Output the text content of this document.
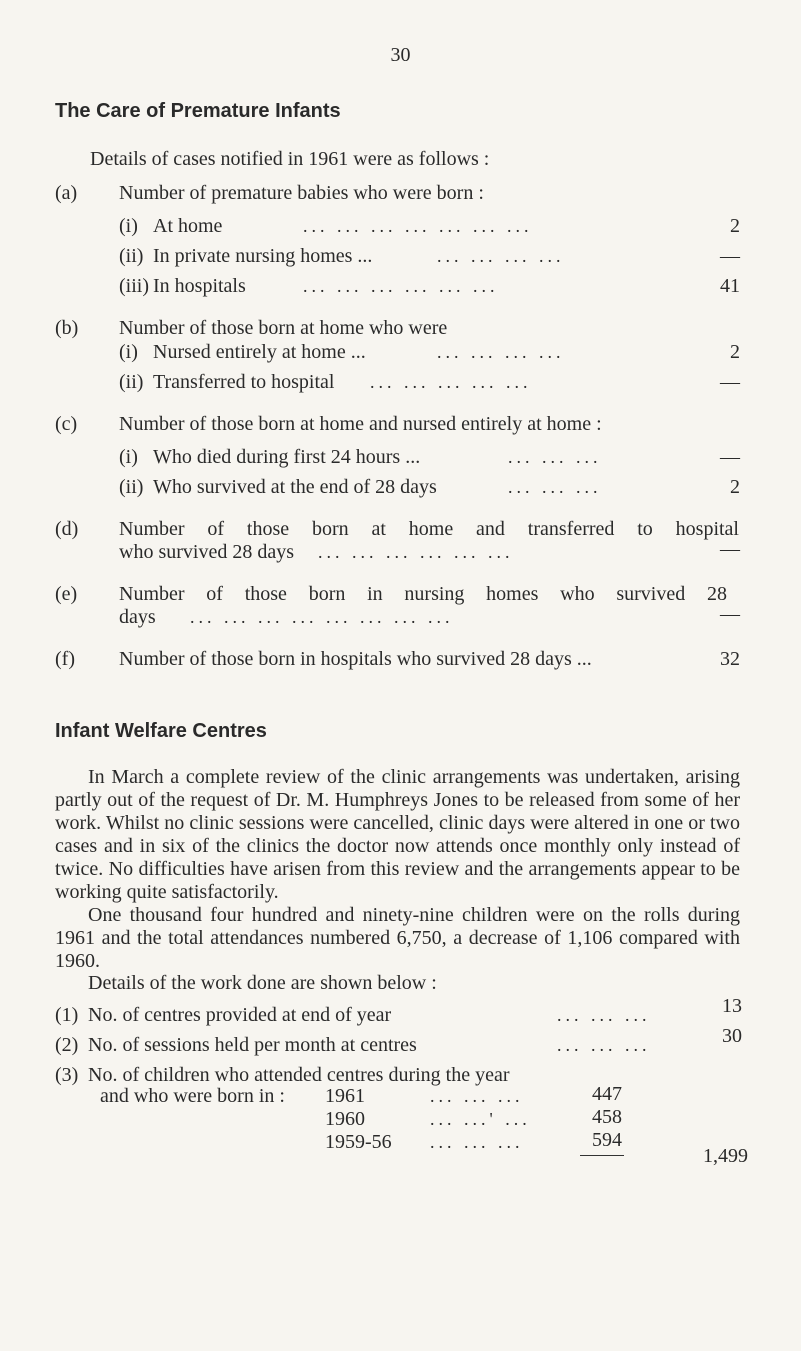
30
The Care of Premature Infants
Details of cases notified in 1961 were as follows :
(a) Number of premature babies who were born :
(i) At home	... ... ... ... ... ... ...	2
(ii) In private nursing homes ...	... ... ... ...	—
(iii) In hospitals	... ... ... ... ... ...	41
(b) Number of those born at home who were
(i) Nursed entirely at home ...	... ... ... ...	2
(ii) Transferred to hospital ... ... ... ... ...	—
(c) Number of those born at home and nursed entirely at home :
(i) Who died during first 24 hours ...	... ... ...	—
(ii) Who survived at the end of 28 days	... ... ...	2
(d) Number of those born at home and transferred to hospital
who survived 28 days ... ... ... ... ... ...	—
(e) Number of those born in nursing homes who survived 28
days ... ... ... ... ... ... ... ...	—
(f) Number of those born in hospitals who survived 28 days ...	32
Infant Welfare Centres
In March a complete review of the clinic arrangements was undertaken, arising partly out of the request of Dr. M. Humphreys Jones to be released from some of her work. Whilst no clinic sessions were cancelled, clinic days were altered in one or two cases and in six of the clinics the doctor now attends once monthly only instead of twice. No difficulties have arisen from this review and the arrangements appear to be working quite satisfactorily.
One thousand four hundred and ninety-nine children were on the rolls during 1961 and the total attendances numbered 6,750, a decrease of 1,106 compared with 1960.
Details of the work done are shown below :
(1) No. of centres provided at end of year	... ... ...	13
(2) No. of sessions held per month at centres	... ... ...	30
(3) No. of children who attended centres during the year
and who were born in : 1961	... ... ...	447
1960	... ...' ...	458
1959-56 ... ... ...	594
1,499
